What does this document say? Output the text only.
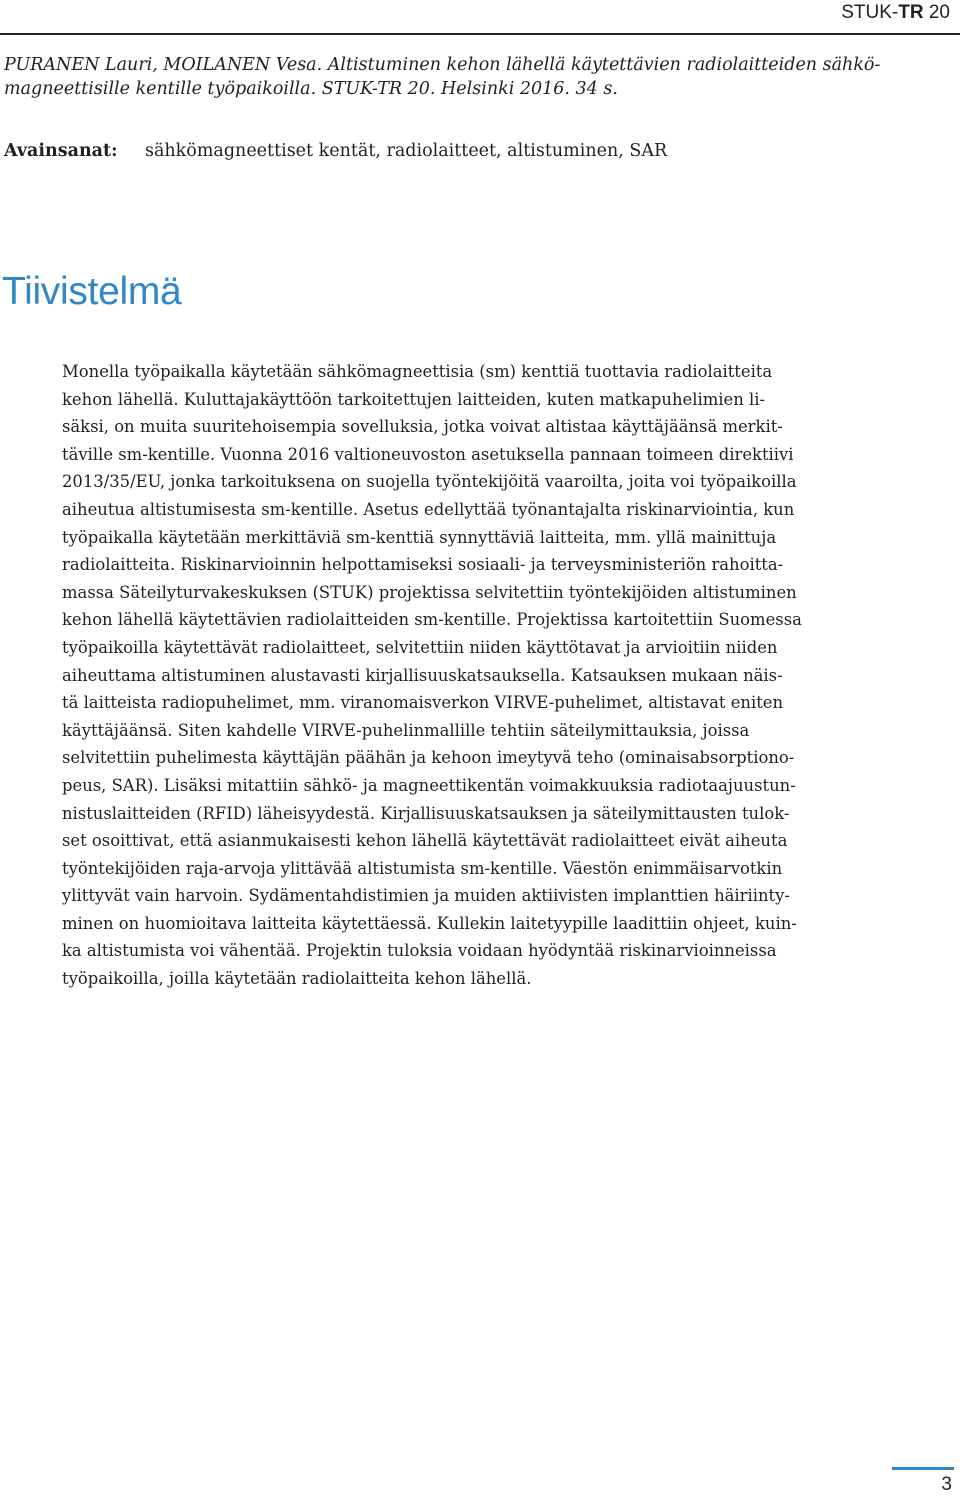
STUK-TR 20
PURANEN Lauri, MOILANEN Vesa. Altistuminen kehon lähellä käytettävien radiolaitteiden sähkö-
magneettisille kentille työpaikoilla. STUK-TR 20. Helsinki 2016. 34 s.
Avainsanat: sähkömagneettiset kentät, radiolaitteet, altistuminen, SAR
Tiivistelmä
Monella työpaikalla käytetään sähkömagneettisia (sm) kenttiä tuottavia radiolaitteita
kehon lähellä. Kuluttajakäyttöön tarkoitettujen laitteiden, kuten matkapuhelimien li-
säksi, on muita suuritehoisempia sovelluksia, jotka voivat altistaa käyttäjäänsä merkit-
täville sm-kentille. Vuonna 2016 valtioneuvoston asetuksella pannaan toimeen direktiivi
2013/35/EU, jonka tarkoituksena on suojella työntekijöitä vaaroilta, joita voi työpaikoilla
aiheutua altistumisesta sm-kentille. Asetus edellyttää työnantajalta riskinarviointia, kun
työpaikalla käytetään merkittäviä sm-kenttiä synnyttäviä laitteita, mm. yllä mainittuja
radiolaitteita. Riskinarvioinnin helpottamiseksi sosiaali- ja terveysministeriön rahoitta-
massa Säteilyturvakeskuksen (STUK) projektissa selvitettiin työntekijöiden altistuminen
kehon lähellä käytettävien radiolaitteiden sm-kentille. Projektissa kartoitettiin Suomessa
työpaikoilla käytettävät radiolaitteet, selvitettiin niiden käyttötavat ja arvioitiin niiden
aiheuttama altistuminen alustavasti kirjallisuuskatsauksella. Katsauksen mukaan näis-
tä laitteista radiopuhelimet, mm. viranomaisverkon VIRVE-puhelimet, altistavat eniten
käyttäjäänsä. Siten kahdelle VIRVE-puhelinmallille tehtiin säteilymittauksia, joissa
selvitettiin puhelimesta käyttäjän päähän ja kehoon imeytyvä teho (ominaisabsorptiono-
peus, SAR). Lisäksi mitattiin sähkö- ja magneettikentän voimakkuuksia radiotaajuustun-
nistuslaitteiden (RFID) läheisyydestä. Kirjallisuuskatsauksen ja säteilymittausten tulok-
set osoittivat, että asianmukaisesti kehon lähellä käytettävät radiolaitteet eivät aiheuta
työntekijöiden raja-arvoja ylittävää altistumista sm-kentille. Väestön enimmäisarvotkin
ylittyvät vain harvoin. Sydämentahdistimien ja muiden aktiivisten implanttien häiriinty-
minen on huomioitava laitteita käytettäessä. Kullekin laitetyypille laadittiin ohjeet, kuin-
ka altistumista voi vähentää. Projektin tuloksia voidaan hyödyntää riskinarvioinneissa
työpaikoilla, joilla käytetään radiolaitteita kehon lähellä.
3
